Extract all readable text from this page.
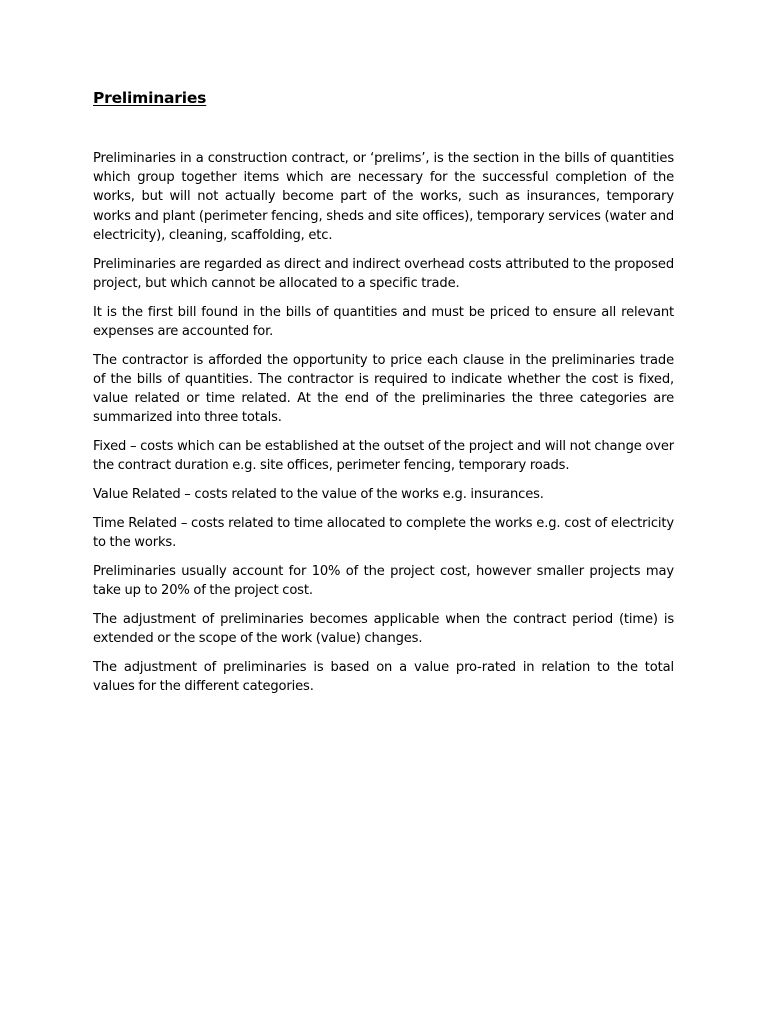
Preliminaries

Preliminaries in a construction contract, or ‘prelims’, is the section in the bills of quantities which group together items which are necessary for the successful completion of the works, but will not actually become part of the works, such as insurances, temporary works and plant (perimeter fencing, sheds and site offices), temporary services (water and electricity), cleaning, scaffolding, etc.

Preliminaries are regarded as direct and indirect overhead costs attributed to the proposed project, but which cannot be allocated to a specific trade.

It is the first bill found in the bills of quantities and must be priced to ensure all relevant expenses are accounted for.

The contractor is afforded the opportunity to price each clause in the preliminaries trade of the bills of quantities. The contractor is required to indicate whether the cost is fixed, value related or time related. At the end of the preliminaries the three categories are summarized into three totals.

Fixed – costs which can be established at the outset of the project and will not change over the contract duration e.g. site offices, perimeter fencing, temporary roads.

Value Related – costs related to the value of the works e.g. insurances.

Time Related – costs related to time allocated to complete the works e.g. cost of electricity to the works.

Preliminaries usually account for 10% of the project cost, however smaller projects may take up to 20% of the project cost.

The adjustment of preliminaries becomes applicable when the contract period (time) is extended or the scope of the work (value) changes.

The adjustment of preliminaries is based on a value pro-rated in relation to the total values for the different categories.
